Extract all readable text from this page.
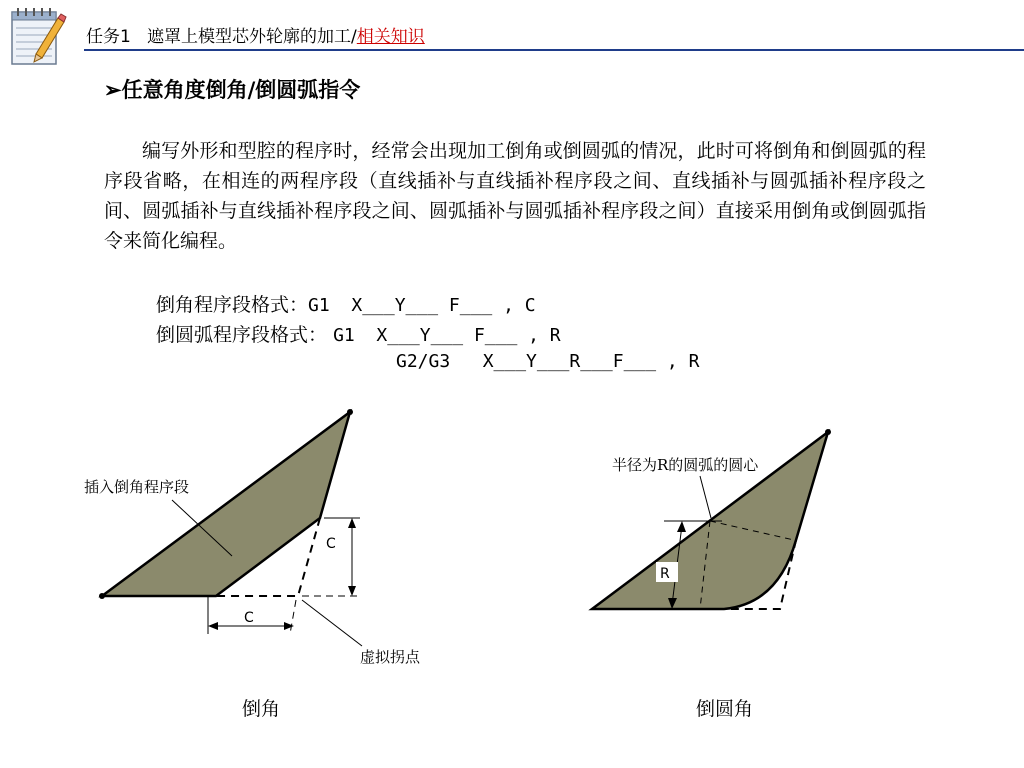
任务1 遮罩上模型芯外轮廓的加工/相关知识
➢任意角度倒角/倒圆弧指令

编写外形和型腔的程序时，经常会出现加工倒角或倒圆弧的情况，此时可将倒角和倒圆弧的程序段省略，在相连的两程序段（直线插补与直线插补程序段之间、直线插补与圆弧插补程序段之间、圆弧插补与直线插补程序段之间、圆弧插补与圆弧插补程序段之间）直接采用倒角或倒圆弧指令来简化编程。

倒角程序段格式：G1  X___Y___ F___ , C
倒圆弧程序段格式： G1  X___Y___ F___ , R
G2/G3   X___Y___R___F___ , R
C
C
插入倒角程序段
虚拟拐点
R
半径为R的圆弧的圆心
倒角	倒圆角
